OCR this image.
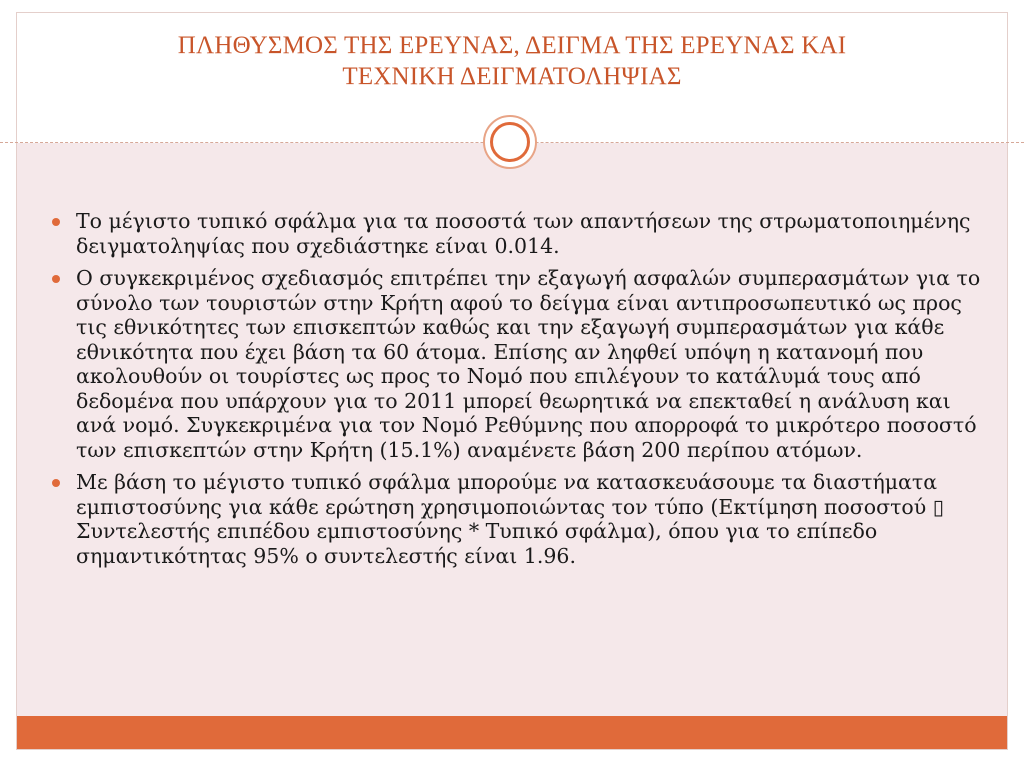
ΠΛΗΘΥΣΜΟΣ ΤΗΣ ΕΡΕΥΝΑΣ, ΔΕΙΓΜΑ ΤΗΣ ΕΡΕΥΝΑΣ ΚΑΙ
ΤΕΧΝΙΚΗ ΔΕΙΓΜΑΤΟΛΗΨΙΑΣ
Το μέγιστο τυπικό σφάλμα για τα ποσοστά των απαντήσεων της στρωματοποιημένης δειγματοληψίας που σχεδιάστηκε είναι 0.014.
Ο συγκεκριμένος σχεδιασμός επιτρέπει την εξαγωγή ασφαλών συμπερασμάτων για το σύνολο των τουριστών στην Κρήτη αφού το δείγμα είναι αντιπροσωπευτικό ως προς τις εθνικότητες των επισκεπτών καθώς και την εξαγωγή συμπερασμάτων για κάθε εθνικότητα που έχει βάση τα 60 άτομα. Επίσης αν ληφθεί υπόψη η κατανομή που ακολουθούν οι τουρίστες ως προς το Νομό που επιλέγουν το κατάλυμά τους από δεδομένα που υπάρχουν για το 2011 μπορεί θεωρητικά να επεκταθεί η ανάλυση και ανά νομό. Συγκεκριμένα για τον Νομό Ρεθύμνης που απορροφά το μικρότερο ποσοστό των επισκεπτών στην Κρήτη (15.1%) αναμένετε βάση 200 περίπου ατόμων.
Με βάση το μέγιστο τυπικό σφάλμα μπορούμε να κατασκευάσουμε τα διαστήματα εμπιστοσύνης για κάθε ερώτηση χρησιμοποιώντας τον τύπο (Εκτίμηση ποσοστού ▯ Συντελεστής επιπέδου εμπιστοσύνης * Τυπικό σφάλμα), όπου για το επίπεδο σημαντικότητας 95% ο συντελεστής είναι 1.96.
